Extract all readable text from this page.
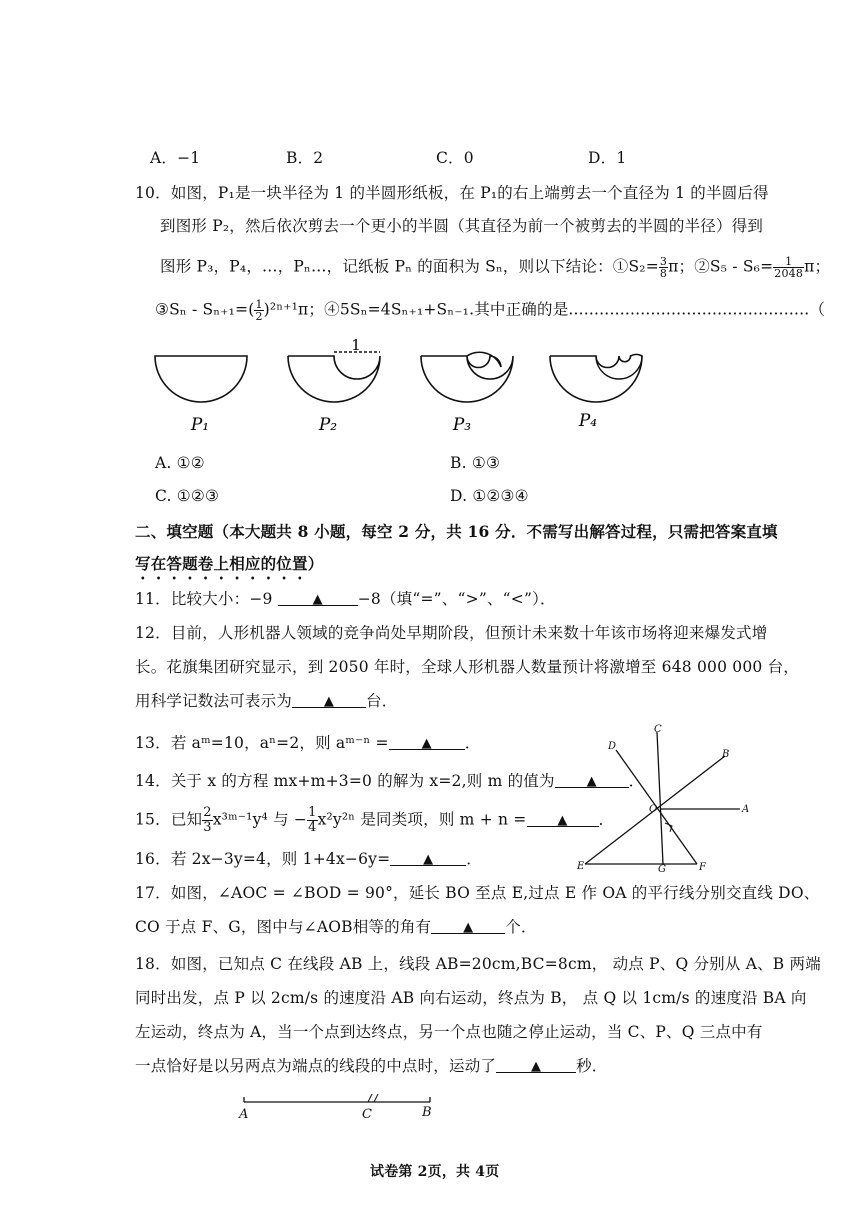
A．−1	B．2	C．0	D．1
10．如图，P₁是一块半径为 1 的半圆形纸板，在 P₁的右上端剪去一个直径为 1 的半圆后得
到图形 P₂，然后依次剪去一个更小的半圆（其直径为前一个被剪去的半圆的半径）得到
图形 P₃，P₄，…，Pₙ…，记纸板 Pₙ 的面积为 Sₙ，则以下结论：①S₂= $\frac{3}{8}$ π；②S₅ - $S_6= \frac{1}{2048}$ π；
③Sₙ - $S_{n+1}=( \frac{1}{2} )^{2n+1}\pi$；④5Sₙ=4Sₙ₊₁+Sₙ₋₁.其中正确的是...............................................（
1
P₁	P₂	P₃	P₄
A. ①②	B. ①③
C. ①②③	D. ①②③④
二、填空题（本大题共 8 小题，每空 2 分，共 16 分．不需写出解答过程，只需把答案直填
写在答题卷上相应的位置）
11．比较大小：−9	▲ −8（填“=”、“>”、“<”）．
12．目前，人形机器人领域的竞争尚处早期阶段，但预计未来数十年该市场将迎来爆发式增
长。花旗集团研究显示，到 2050 年时，全球人形机器人数量预计将激增至 648 000 000 台，
用科学记数法可表示为 ▲ 台．
13．若 aᵐ=10，aⁿ=2，则 aᵐ⁻ⁿ =	▲ ．
14．关于 x 的方程 mx+m+3=0 的解为 x=2,则 m 的值为 ▲ ．
15．已知 $\frac{2}{3}$ x³ᵐ⁻¹y⁴ 与 − $\frac{1}{4} x^2y^{2n}$ 是同类项，则 m + n = ▲ ．
16．若 2x−3y=4，则 1+4x−6y=	▲ ．
C
D
B
O	A
E	G	F
17．如图，∠AOC = ∠BOD = 90°，延长 BO 至点 E,过点 E 作 OA 的平行线分别交直线 DO、
CO 于点 F、G，图中与∠AOB相等的角有 ▲ 个．
18．如图，已知点 C 在线段 AB 上，线段 AB=20cm,BC=8cm， 动点 P、Q 分别从 A、B 两端
同时出发，点 P 以 2cm/s 的速度沿 AB 向右运动，终点为 B， 点 Q 以 1cm/s 的速度沿 BA 向
左运动，终点为 A，当一个点到达终点，另一个点也随之停止运动，当 C、P、Q 三点中有
一点恰好是以另两点为端点的线段的中点时，运动了	▲ 秒．
A	C	B
试卷第 2页，共 4页
